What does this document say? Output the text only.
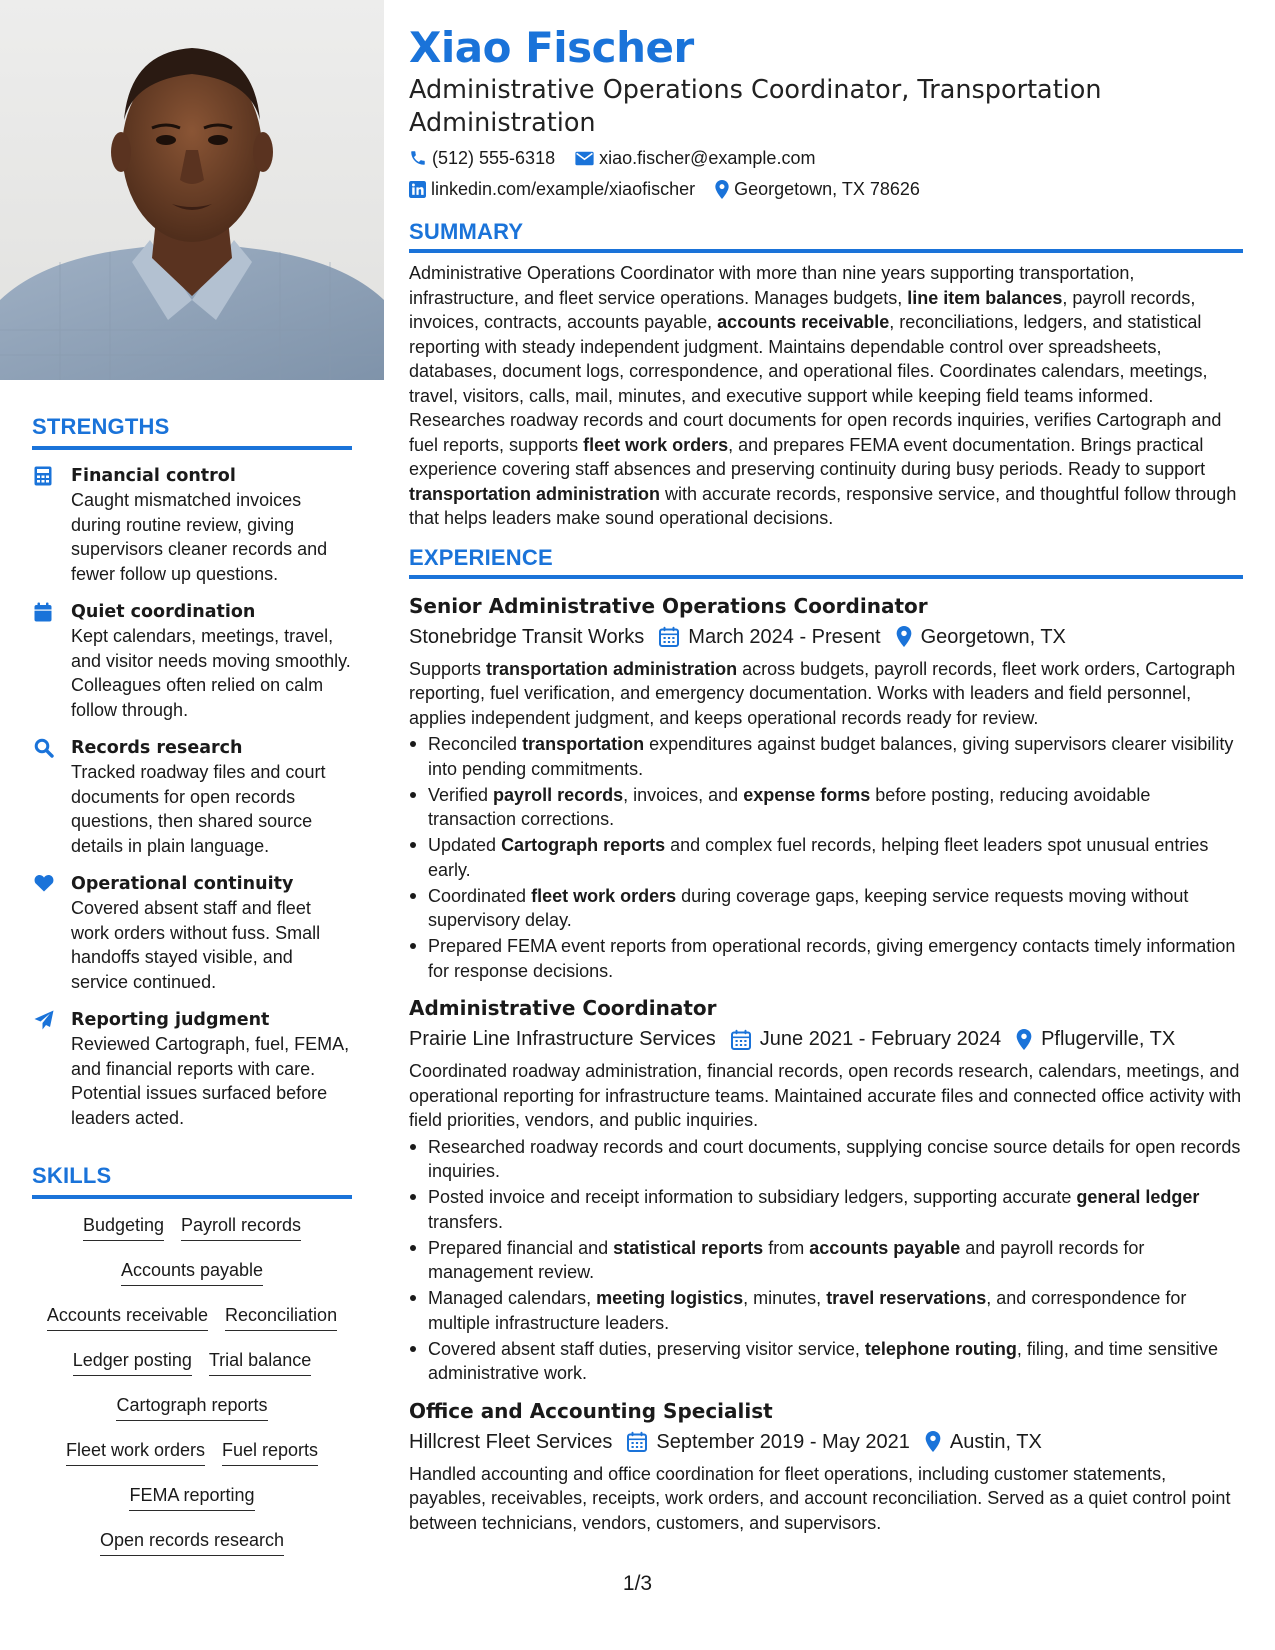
STRENGTHS
Financial control
Caught mismatched invoices during routine review, giving supervisors cleaner records and fewer follow up questions.
Quiet coordination
Kept calendars, meetings, travel, and visitor needs moving smoothly. Colleagues often relied on calm follow through.
Records research
Tracked roadway files and court documents for open records questions, then shared source details in plain language.
Operational continuity
Covered absent staff and fleet work orders without fuss. Small handoffs stayed visible, and service continued.
Reporting judgment
Reviewed Cartograph, fuel, FEMA, and financial reports with care. Potential issues surfaced before leaders acted.
SKILLS
Budgeting Payroll records
Accounts payable
Accounts receivable Reconciliation
Ledger posting Trial balance
Cartograph reports
Fleet work orders Fuel reports
FEMA reporting
Open records research
Xiao Fischer
Administrative Operations Coordinator, Transportation Administration
(512) 555-6318 xiao.fischer@example.com
linkedin.com/example/xiaofischer Georgetown, TX 78626
SUMMARY
Administrative Operations Coordinator with more than nine years supporting transportation, infrastructure, and fleet service operations. Manages budgets, line item balances, payroll records, invoices, contracts, accounts payable, accounts receivable, reconciliations, ledgers, and statistical reporting with steady independent judgment. Maintains dependable control over spreadsheets, databases, document logs, correspondence, and operational files. Coordinates calendars, meetings, travel, visitors, calls, mail, minutes, and executive support while keeping field teams informed. Researches roadway records and court documents for open records inquiries, verifies Cartograph and fuel reports, supports fleet work orders, and prepares FEMA event documentation. Brings practical experience covering staff absences and preserving continuity during busy periods. Ready to support transportation administration with accurate records, responsive service, and thoughtful follow through that helps leaders make sound operational decisions.
EXPERIENCE
Senior Administrative Operations Coordinator
Stonebridge Transit Works March 2024 - Present Georgetown, TX
Supports transportation administration across budgets, payroll records, fleet work orders, Cartograph reporting, fuel verification, and emergency documentation. Works with leaders and field personnel, applies independent judgment, and keeps operational records ready for review.
Reconciled transportation expenditures against budget balances, giving supervisors clearer visibility into pending commitments.
Verified payroll records, invoices, and expense forms before posting, reducing avoidable transaction corrections.
Updated Cartograph reports and complex fuel records, helping fleet leaders spot unusual entries early.
Coordinated fleet work orders during coverage gaps, keeping service requests moving without supervisory delay.
Prepared FEMA event reports from operational records, giving emergency contacts timely information for response decisions.
Administrative Coordinator
Prairie Line Infrastructure Services June 2021 - February 2024 Pflugerville, TX
Coordinated roadway administration, financial records, open records research, calendars, meetings, and operational reporting for infrastructure teams. Maintained accurate files and connected office activity with field priorities, vendors, and public inquiries.
Researched roadway records and court documents, supplying concise source details for open records inquiries.
Posted invoice and receipt information to subsidiary ledgers, supporting accurate general ledger transfers.
Prepared financial and statistical reports from accounts payable and payroll records for management review.
Managed calendars, meeting logistics, minutes, travel reservations, and correspondence for multiple infrastructure leaders.
Covered absent staff duties, preserving visitor service, telephone routing, filing, and time sensitive administrative work.
Office and Accounting Specialist
Hillcrest Fleet Services September 2019 - May 2021 Austin, TX
Handled accounting and office coordination for fleet operations, including customer statements, payables, receivables, receipts, work orders, and account reconciliation. Served as a quiet control point between technicians, vendors, customers, and supervisors.
1/3
